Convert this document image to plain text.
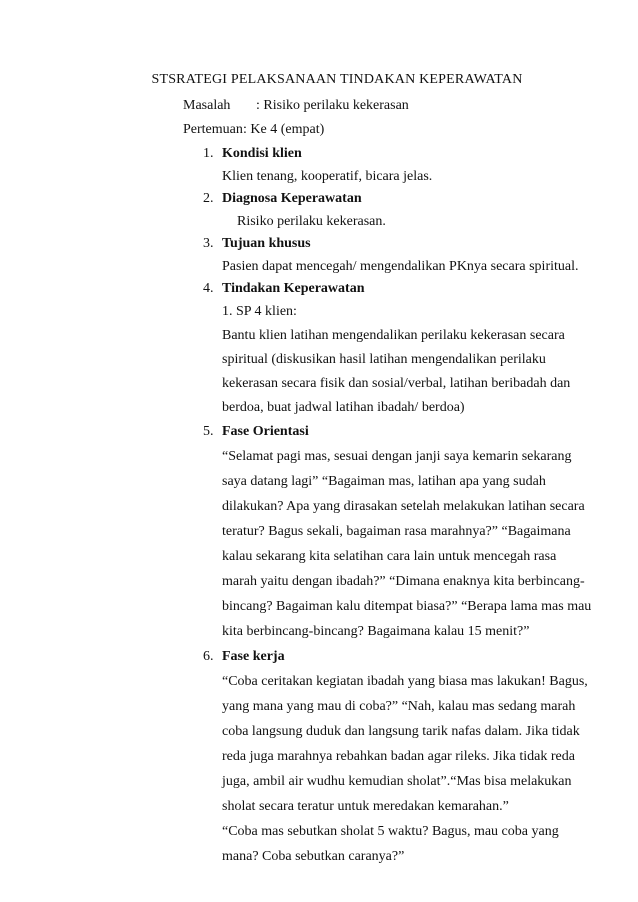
STSRATEGI PELAKSANAAN TINDAKAN KEPERAWATAN
Masalah : Risiko perilaku kekerasan
Pertemuan: Ke 4 (empat)
1. Kondisi klien
Klien tenang, kooperatif, bicara jelas.
2. Diagnosa Keperawatan
Risiko perilaku kekerasan.
3. Tujuan khusus
Pasien dapat mencegah/ mengendalikan PKnya secara spiritual.
4. Tindakan Keperawatan
1. SP 4 klien:
Bantu klien latihan mengendalikan perilaku kekerasan secara
spiritual (diskusikan hasil latihan mengendalikan perilaku
kekerasan secara fisik dan sosial/verbal, latihan beribadah dan
berdoa, buat jadwal latihan ibadah/ berdoa)
5. Fase Orientasi
“Selamat pagi mas, sesuai dengan janji saya kemarin sekarang
saya datang lagi” “Bagaiman mas, latihan apa yang sudah
dilakukan? Apa yang dirasakan setelah melakukan latihan secara
teratur? Bagus sekali, bagaiman rasa marahnya?” “Bagaimana
kalau sekarang kita selatihan cara lain untuk mencegah rasa
marah yaitu dengan ibadah?” “Dimana enaknya kita berbincang-
bincang? Bagaiman kalu ditempat biasa?” “Berapa lama mas mau
kita berbincang-bincang? Bagaimana kalau 15 menit?”
6. Fase kerja
“Coba ceritakan kegiatan ibadah yang biasa mas lakukan! Bagus,
yang mana yang mau di coba?” “Nah, kalau mas sedang marah
coba langsung duduk dan langsung tarik nafas dalam. Jika tidak
reda juga marahnya rebahkan badan agar rileks. Jika tidak reda
juga, ambil air wudhu kemudian sholat”.“Mas bisa melakukan
sholat secara teratur untuk meredakan kemarahan.”
“Coba mas sebutkan sholat 5 waktu? Bagus, mau coba yang
mana? Coba sebutkan caranya?”
